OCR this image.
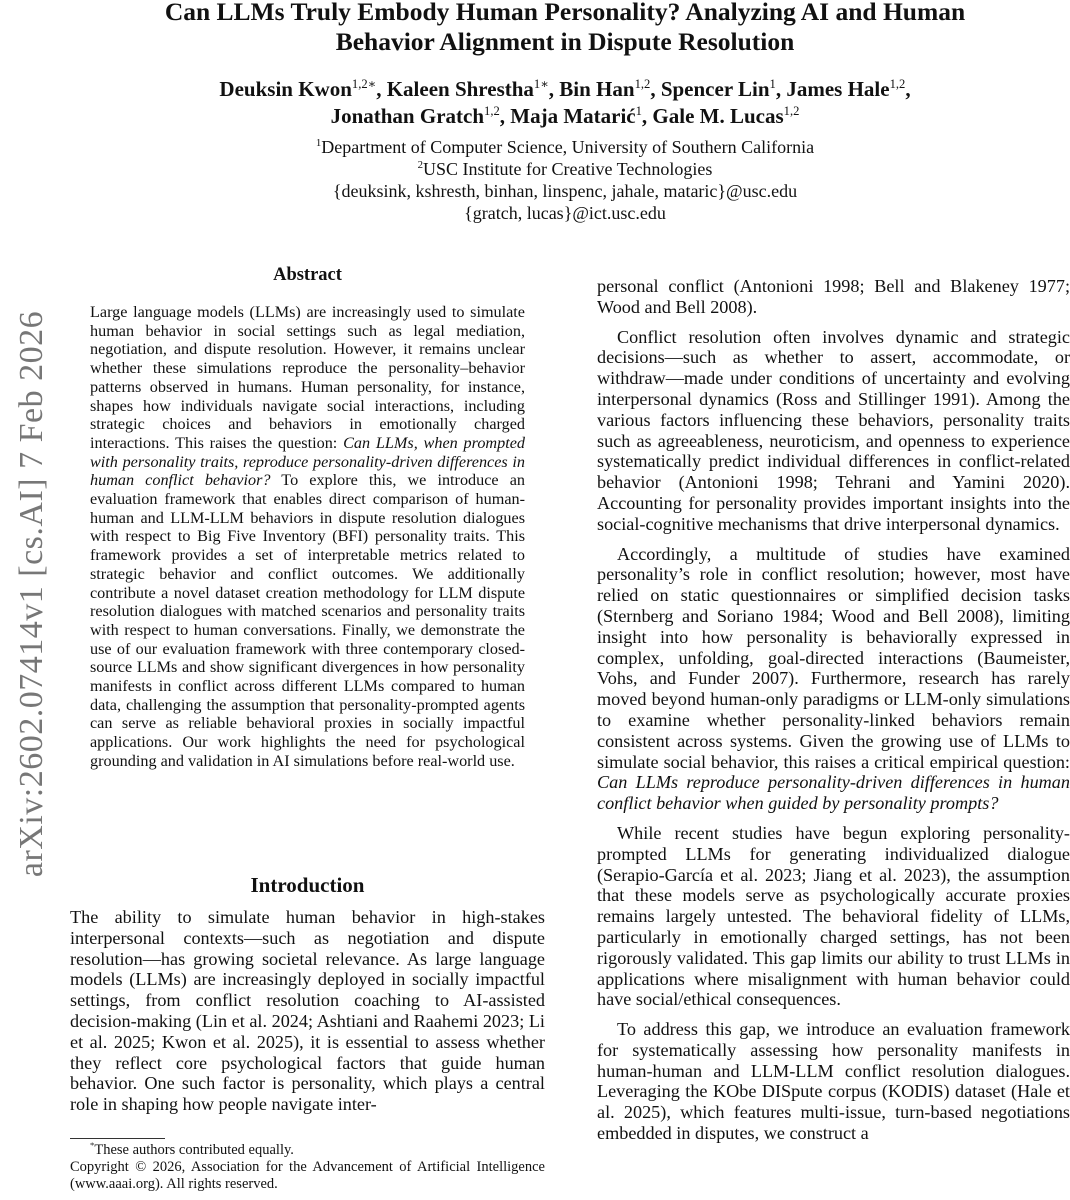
Can LLMs Truly Embody Human Personality? Analyzing AI and Human
Behavior Alignment in Dispute Resolution
Deuksin Kwon$^{1,2∗}$, Kaleen Shrestha$^{1∗}$, Bin Han$^{1,2}$, Spencer Lin$^1$, James Hale$^{1,2}$,
Jonathan Gratch$^{1,2}$, Maja Matarić$^1$, Gale M. Lucas$^{1,2}$
$^1$Department of Computer Science, University of Southern California
$^2$USC Institute for Creative Technologies
{deuksink, kshresth, binhan, linspenc, jahale, mataric}@usc.edu
{gratch, lucas}@ict.usc.edu
arXiv:2602.07414v1 [cs.AI] 7 Feb 2026
Abstract
Large language models (LLMs) are increasingly used to simulate human behavior in social settings such as legal mediation, negotiation, and dispute resolution. However, it remains unclear whether these simulations reproduce the personality–behavior patterns observed in humans. Human personality, for instance, shapes how individuals navigate social interactions, including strategic choices and behaviors in emotionally charged interactions. This raises the question: Can LLMs, when prompted with personality traits, reproduce personality-driven differences in human conflict behavior? To explore this, we introduce an evaluation framework that enables direct comparison of human-human and LLM-LLM behaviors in dispute resolution dialogues with respect to Big Five Inventory (BFI) personality traits. This framework provides a set of interpretable metrics related to strategic behavior and conflict outcomes. We additionally contribute a novel dataset creation methodology for LLM dispute resolution dialogues with matched scenarios and personality traits with respect to human conversations. Finally, we demonstrate the use of our evaluation framework with three contemporary closed-source LLMs and show significant divergences in how personality manifests in conflict across different LLMs compared to human data, challenging the assumption that personality-prompted agents can serve as reliable behavioral proxies in socially impactful applications. Our work highlights the need for psychological grounding and validation in AI simulations before real-world use.
Introduction

The ability to simulate human behavior in high-stakes interpersonal contexts—such as negotiation and dispute resolution—has growing societal relevance. As large language models (LLMs) are increasingly deployed in socially impactful settings, from conflict resolution coaching to AI-assisted decision-making (Lin et al. 2024; Ashtiani and Raahemi 2023; Li et al. 2025; Kwon et al. 2025), it is essential to assess whether they reflect core psychological factors that guide human behavior. One such factor is personality, which plays a central role in shaping how people navigate inter-

personal conflict (Antonioni 1998; Bell and Blakeney 1977; Wood and Bell 2008).

Conflict resolution often involves dynamic and strategic decisions—such as whether to assert, accommodate, or withdraw—made under conditions of uncertainty and evolving interpersonal dynamics (Ross and Stillinger 1991). Among the various factors influencing these behaviors, personality traits such as agreeableness, neuroticism, and openness to experience systematically predict individual differences in conflict-related behavior (Antonioni 1998; Tehrani and Yamini 2020). Accounting for personality provides important insights into the social-cognitive mechanisms that drive interpersonal dynamics.

Accordingly, a multitude of studies have examined personality’s role in conflict resolution; however, most have relied on static questionnaires or simplified decision tasks (Sternberg and Soriano 1984; Wood and Bell 2008), limiting insight into how personality is behaviorally expressed in complex, unfolding, goal-directed interactions (Baumeister, Vohs, and Funder 2007). Furthermore, research has rarely moved beyond human-only paradigms or LLM-only simulations to examine whether personality-linked behaviors remain consistent across systems. Given the growing use of LLMs to simulate social behavior, this raises a critical empirical question: Can LLMs reproduce personality-driven differences in human conflict behavior when guided by personality prompts?

While recent studies have begun exploring personality-prompted LLMs for generating individualized dialogue (Serapio-García et al. 2023; Jiang et al. 2023), the assumption that these models serve as psychologically accurate proxies remains largely untested. The behavioral fidelity of LLMs, particularly in emotionally charged settings, has not been rigorously validated. This gap limits our ability to trust LLMs in applications where misalignment with human behavior could have social/ethical consequences.

To address this gap, we introduce an evaluation framework for systematically assessing how personality manifests in human-human and LLM-LLM conflict resolution dialogues. Leveraging the KObe DISpute corpus (KODIS) dataset (Hale et al. 2025), which features multi-issue, turn-based negotiations embedded in disputes, we construct a

*These authors contributed equally.
Copyright © 2026, Association for the Advancement of Artificial Intelligence (www.aaai.org). All rights reserved.
